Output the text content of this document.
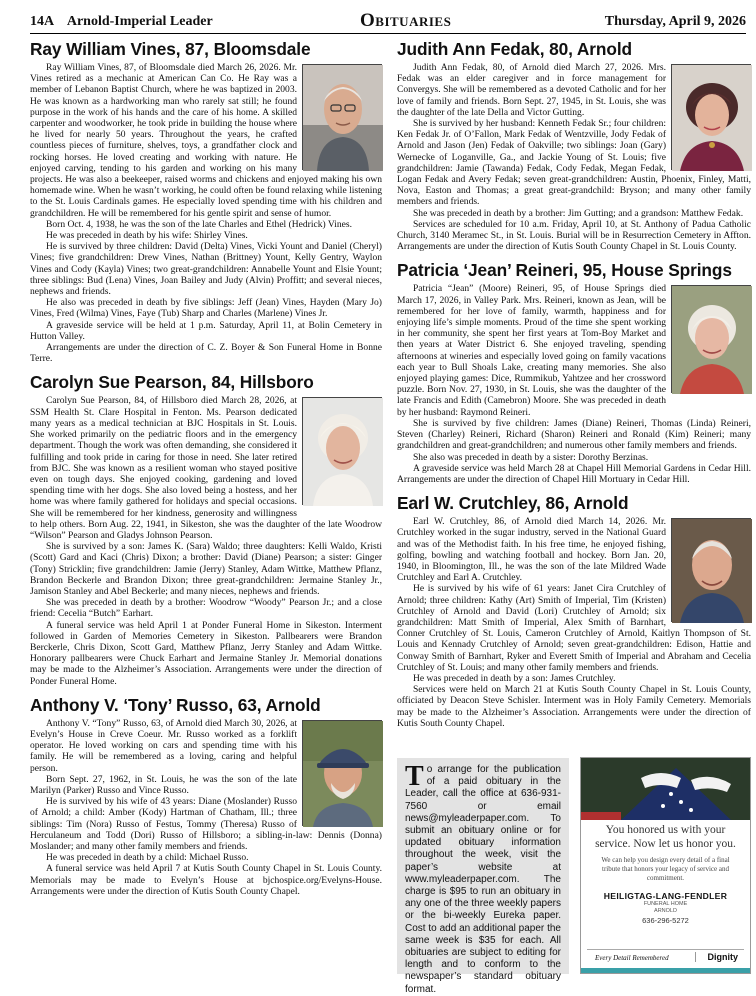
14A Arnold-Imperial Leader	Obituaries	Thursday, April 9, 2026
Ray William Vines, 87, Bloomsdale

Ray William Vines, 87, of Bloomsdale died March 26, 2026. Mr. Vines retired as a mechanic at American Can Co. He Ray was a member of Lebanon Baptist Church, where he was baptized in 2003. He was known as a hardworking man who rarely sat still; he found purpose in the work of his hands and the care of his home. A skilled carpenter and woodworker, he took pride in building the house where he lived for nearly 50 years. Throughout the years, he crafted countless pieces of furniture, shelves, toys, a grandfather clock and rocking horses. He loved creating and working with nature. He enjoyed carving, tending to his garden and working on his many projects. He was also a beekeeper, raised worms and chickens and enjoyed making his own homemade wine. When he wasn’t working, he could often be found relaxing while listening to the St. Louis Cardinals games. He especially loved spending time with his children and grandchildren. He will be remembered for his gentle spirit and sense of humor.

Born Oct. 4, 1938, he was the son of the late Charles and Ethel (Hedrick) Vines.

He was preceded in death by his wife: Shirley Vines.

He is survived by three children: David (Delta) Vines, Vicki Yount and Daniel (Cheryl) Vines; five grandchildren: Drew Vines, Nathan (Brittney) Yount, Kelly Gentry, Waylon Vines and Cody (Kayla) Vines; two great-grandchildren: Annabelle Yount and Elsie Yount; three siblings: Bud (Lena) Vines, Joan Bailey and Judy (Alvin) Proffitt; and several nieces, nephews and friends.

He also was preceded in death by five siblings: Jeff (Jean) Vines, Hayden (Mary Jo) Vines, Fred (Wilma) Vines, Faye (Tub) Sharp and Charles (Marlene) Vines Jr.

A graveside service will be held at 1 p.m. Saturday, April 11, at Bolin Cemetery in Hutton Valley.

Arrangements are under the direction of C. Z. Boyer & Son Funeral Home in Bonne Terre.

Carolyn Sue Pearson, 84, Hillsboro

Carolyn Sue Pearson, 84, of Hillsboro died March 28, 2026, at SSM Health St. Clare Hospital in Fenton. Ms. Pearson dedicated many years as a medical technician at BJC Hospitals in St. Louis. She worked primarily on the pediatric floors and in the emergency department. Though the work was often demanding, she considered it fulfilling and took pride in caring for those in need. She later retired from BJC. She was known as a resilient woman who stayed positive even on tough days. She enjoyed cooking, gardening and loved spending time with her dogs. She also loved being a hostess, and her home was where family gathered for holidays and special occasions. She will be remembered for her kindness, generosity and willingness to help others. Born Aug. 22, 1941, in Sikeston, she was the daughter of the late Woodrow “Wilson” Pearson and Gladys Johnson Pearson.

She is survived by a son: James K. (Sara) Waldo; three daughters: Kelli Waldo, Kristi (Scott) Gard and Kaci (Chris) Dixon; a brother: David (Diane) Pearson; a sister: Ginger (Tony) Stricklin; five grandchildren: Jamie (Jerry) Stanley, Adam Wittke, Matthew Pflanz, Brandon Beckerle and Brandon Dixon; three great-grandchildren: Jermaine Stanley Jr., Jamison Stanley and Abel Beckerle; and many nieces, nephews and friends.

She was preceded in death by a brother: Woodrow “Woody” Pearson Jr.; and a close friend: Cecelia “Butch” Earhart.

A funeral service was held April 1 at Ponder Funeral Home in Sikeston. Interment followed in Garden of Memories Cemetery in Sikeston. Pallbearers were Brandon Berckerle, Chris Dixon, Scott Gard, Matthew Pflanz, Jerry Stanley and Adam Wittke. Honorary pallbearers were Chuck Earhart and Jermaine Stanley Jr. Memorial donations may be made to the Alzheimer’s Association. Arrangements were under the direction of Ponder Funeral Home.

Anthony V. ‘Tony’ Russo, 63, Arnold

Anthony V. “Tony” Russo, 63, of Arnold died March 30, 2026, at Evelyn’s House in Creve Coeur. Mr. Russo worked as a forklift operator. He loved working on cars and spending time with his family. He will be remembered as a loving, caring and helpful person.

Born Sept. 27, 1962, in St. Louis, he was the son of the late Marilyn (Parker) Russo and Vince Russo.

He is survived by his wife of 43 years: Diane (Moslander) Russo of Arnold; a child: Amber (Kody) Hartman of Chatham, Ill.; three siblings: Tim (Nora) Russo of Festus, Tommy (Theresa) Russo of Herculaneum and Todd (Dori) Russo of Hillsboro; a sibling-in-law: Dennis (Donna) Moslander; and many other family members and friends.

He was preceded in death by a child: Michael Russo.

A funeral service was held April 7 at Kutis South County Chapel in St. Louis County. Memorials may be made to Evelyn’s House at bjchospice.org/Evelyns-House. Arrangements were under the direction of Kutis South County Chapel.

Judith Ann Fedak, 80, Arnold

Judith Ann Fedak, 80, of Arnold died March 27, 2026. Mrs. Fedak was an elder caregiver and in force management for Convergys. She will be remembered as a devoted Catholic and for her love of family and friends. Born Sept. 27, 1945, in St. Louis, she was the daughter of the late Della and Victor Gutting.

She is survived by her husband: Kenneth Fedak Sr.; four children: Ken Fedak Jr. of O’Fallon, Mark Fedak of Wentzville, Jody Fedak of Arnold and Jason (Jen) Fedak of Oakville; two siblings: Joan (Gary) Wernecke of Loganville, Ga., and Jackie Young of St. Louis; five grandchildren: Jamie (Tawanda) Fedak, Cody Fedak, Megan Fedak, Logan Fedak and Avery Fedak; seven great-grandchildren: Austin, Phoenix, Finley, Matti, Nova, Easton and Thomas; a great great-grandchild: Bryson; and many other family members and friends.

She was preceded in death by a brother: Jim Gutting; and a grandson: Matthew Fedak.

Services are scheduled for 10 a.m. Friday, April 10, at St. Anthony of Padua Catholic Church, 3140 Meramec St., in St. Louis. Burial will be in Resurrection Cemetery in Affton. Arrangements are under the direction of Kutis South County Chapel in St. Louis County.

Patricia ‘Jean’ Reineri, 95, House Springs

Patricia “Jean” (Moore) Reineri, 95, of House Springs died March 17, 2026, in Valley Park. Mrs. Reineri, known as Jean, will be remembered for her love of family, warmth, happiness and for enjoying life’s simple moments. Proud of the time she spent working in her community, she spent her first years at Tom-Boy Market and then years at Water District 6. She enjoyed traveling, spending afternoons at wineries and especially loved going on family vacations each year to Bull Shoals Lake, creating many memories. She also enjoyed playing games: Dice, Rummikub, Yahtzee and her crossword puzzle. Born Nov. 27, 1930, in St. Louis, she was the daughter of the late Francis and Edith (Camebron) Moore. She was preceded in death by her husband: Raymond Reineri.

She is survived by five children: James (Diane) Reineri, Thomas (Linda) Reineri, Steven (Charley) Reineri, Richard (Sharon) Reineri and Ronald (Kim) Reineri; many grandchildren and great-grandchildren; and numerous other family members and friends.

She also was preceded in death by a sister: Dorothy Berzinas.

A graveside service was held March 28 at Chapel Hill Memorial Gardens in Cedar Hill. Arrangements are under the direction of Chapel Hill Mortuary in Cedar Hill.

Earl W. Crutchley, 86, Arnold

Earl W. Crutchley, 86, of Arnold died March 14, 2026. Mr. Crutchley worked in the sugar industry, served in the National Guard and was of the Methodist faith. In his free time, he enjoyed fishing, golfing, bowling and watching football and hockey. Born Jan. 20, 1940, in Bloomington, Ill., he was the son of the late Mildred Wade Crutchley and Earl A. Crutchley.

He is survived by his wife of 61 years: Janet Cira Crutchley of Arnold; three children: Kathy (Art) Smith of Imperial, Tim (Kristen) Crutchley of Arnold and David (Lori) Crutchley of Arnold; six grandchildren: Matt Smith of Imperial, Alex Smith of Barnhart, Conner Crutchley of St. Louis, Cameron Crutchley of Arnold, Kaitlyn Thompson of St. Louis and Kennady Crutchley of Arnold; seven great-grandchildren: Edison, Hattie and Conway Smith of Barnhart, Ryker and Everett Smith of Imperial and Abraham and Cecelia Crutchley of St. Louis; and many other family members and friends.

He was preceded in death by a son: James Crutchley.

Services were held on March 21 at Kutis South County Chapel in St. Louis County, officiated by Deacon Steve Schisler. Interment was in Holy Family Cemetery. Memorials may be made to the Alzheimer’s Association. Arrangements were under the direction of Kutis South County Chapel.

To arrange for the publication of a paid obituary in the Leader, call the office at 636-931-7560 or email news@myleaderpaper.com. To submit an obituary online or for updated obituary information throughout the week, visit the paper’s website at www.myleaderpaper.com. The charge is $95 to run an obituary in any one of the three weekly papers or the bi-weekly Eureka paper. Cost to add an additional paper the same week is $35 for each. All obituaries are subject to editing for length and to conform to the newspaper’s standard obituary format.

You honored us with your
service. Now let us honor you.
We can help you design every detail of a final tribute that honors your legacy of service and commitment.
HEILIGTAG-LANG-FENDLER
FUNERAL HOME
ARNOLD
636-296-5272
Every Detail Remembered	Dignity
